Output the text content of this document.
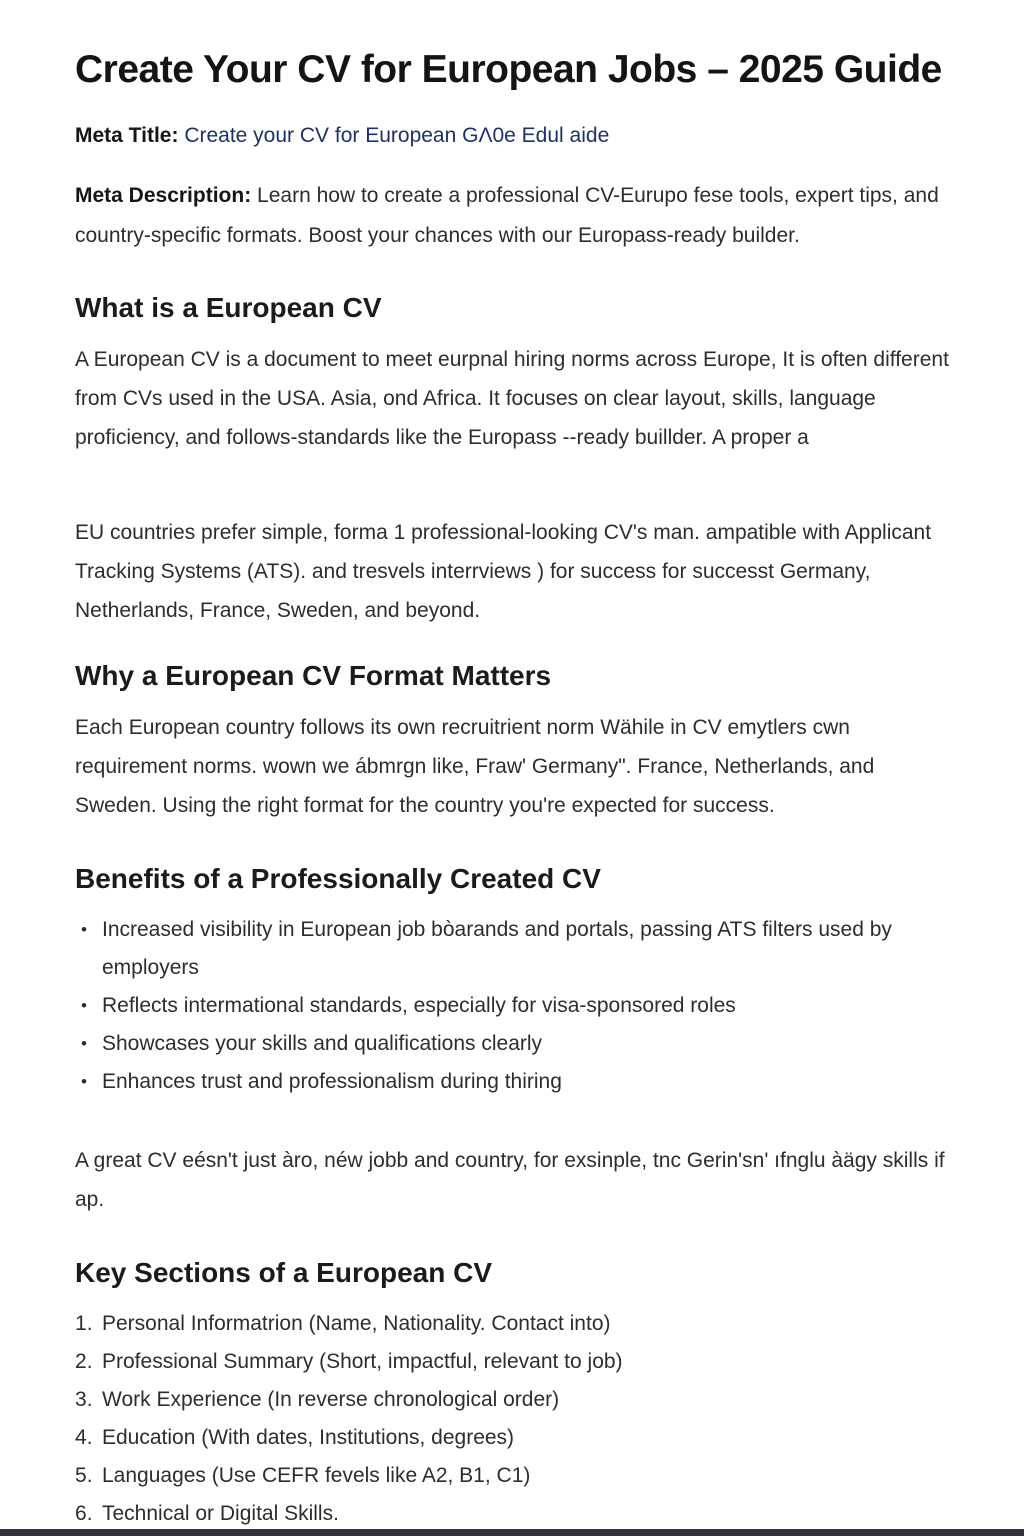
Create Your CV for European Jobs – 2025 Guide

Meta Title: Create your CV for European GΛ0e Edul aide

Meta Description: Learn how to create a professional CV-Eurupo fese tools, expert tips, and country-specific formats. Boost your chances with our Europass-ready builder.

What is a European CV

A European CV is a document to meet eurpnal hiring norms across Europe, It is often different from CVs used in the USA. Asia, ond Africa. It focuses on clear layout, skills, language proficiency, and follows-standards like the Europass --ready buillder. A proper a

EU countries prefer simple, forma 1 professional-looking CV's man. ampatible with Applicant Tracking Systems (ATS). and tresvels interrviews ) for success for successt Germany, Netherlands, France, Sweden, and beyond.

Why a European CV Format Matters

Each European country follows its own recruitrient norm Wähile in CV emytlers cwn requirement norms. wown we ábmrgn like, Fraw' Germany". France, Netherlands, and Sweden. Using the right format for the country you're expected for success.

Benefits of a Professionally Created CV
• Increased visibility in European job bòarands and portals, passing ATS filters used by employers
• Reflects intermational standards, especially for visa-sponsored roles
• Showcases your skills and qualifications clearly
• Enhances trust and professionalism during thiring

A great CV eésn't just àro, néw jobb and country, for exsinple, tnc Gerin'sn' ıfnglu àägy skills if ap.

Key Sections of a European CV
Personal Informatrion (Name, Nationality. Contact into)
Professional Summary (Short, impactful, relevant to job)
Work Experience (In reverse chronological order)
Education (With dates, Institutions, degrees)
Languages (Use CEFR fevels like A2, B1, C1)
Technical or Digital Skills.
